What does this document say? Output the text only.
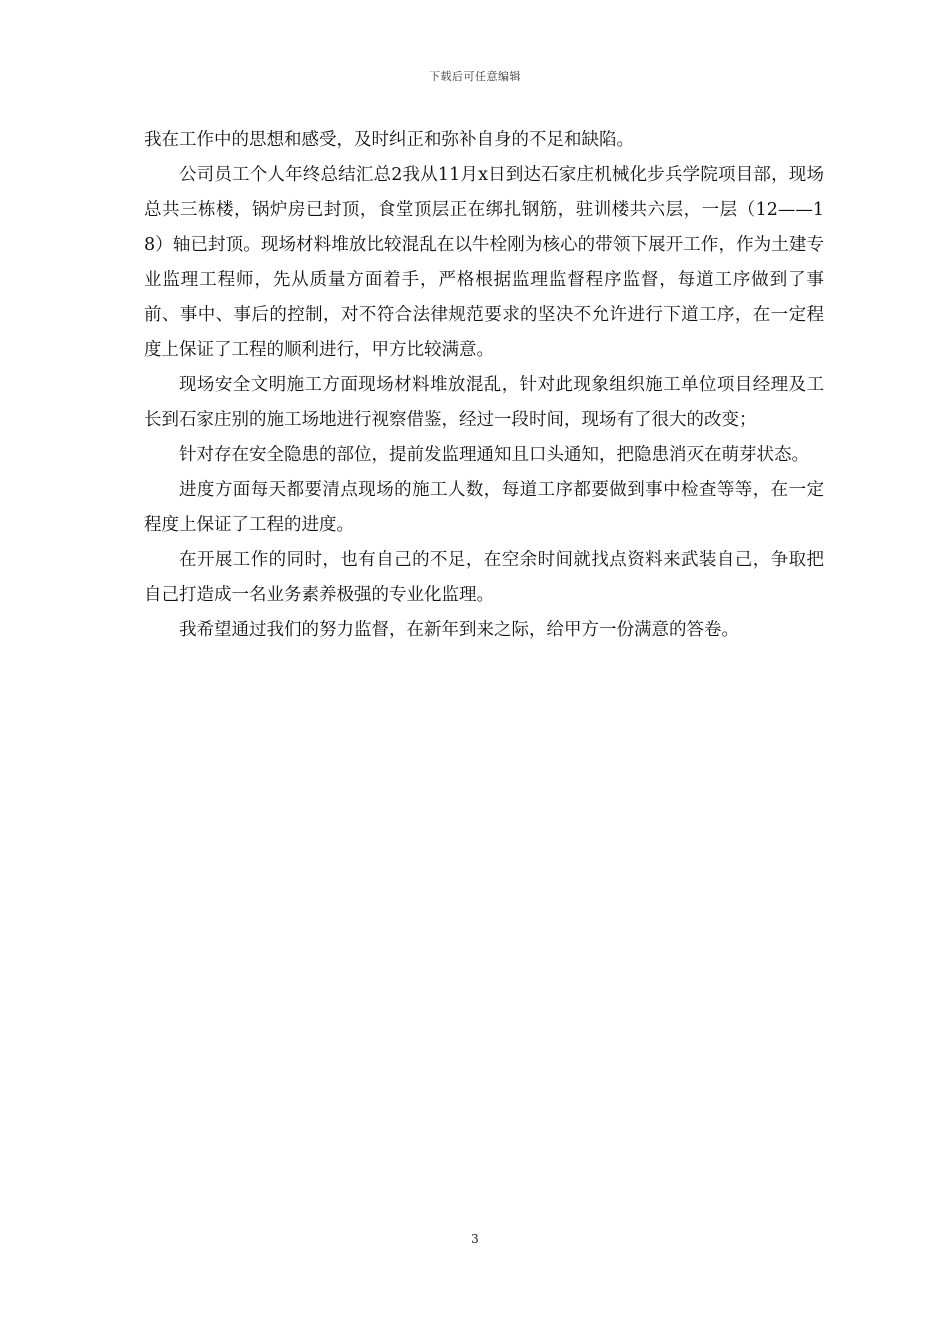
下载后可任意编辑

我在工作中的思想和感受，及时纠正和弥补自身的不足和缺陷。

公司员工个人年终总结汇总2我从11月x日到达石家庄机械化步兵学院项目部，现场总共三栋楼，锅炉房已封顶，食堂顶层正在绑扎钢筋，驻训楼共六层，一层（12——18）轴已封顶。现场材料堆放比较混乱在以牛栓刚为核心的带领下展开工作，作为土建专业监理工程师，先从质量方面着手，严格根据监理监督程序监督，每道工序做到了事前、事中、事后的控制，对不符合法律规范要求的坚决不允许进行下道工序，在一定程度上保证了工程的顺利进行，甲方比较满意。

现场安全文明施工方面现场材料堆放混乱，针对此现象组织施工单位项目经理及工长到石家庄别的施工场地进行视察借鉴，经过一段时间，现场有了很大的改变；

针对存在安全隐患的部位，提前发监理通知且口头通知，把隐患消灭在萌芽状态。

进度方面每天都要清点现场的施工人数，每道工序都要做到事中检查等等，在一定程度上保证了工程的进度。

在开展工作的同时，也有自己的不足，在空余时间就找点资料来武装自己，争取把自己打造成一名业务素养极强的专业化监理。

我希望通过我们的努力监督，在新年到来之际，给甲方一份满意的答卷。

3
